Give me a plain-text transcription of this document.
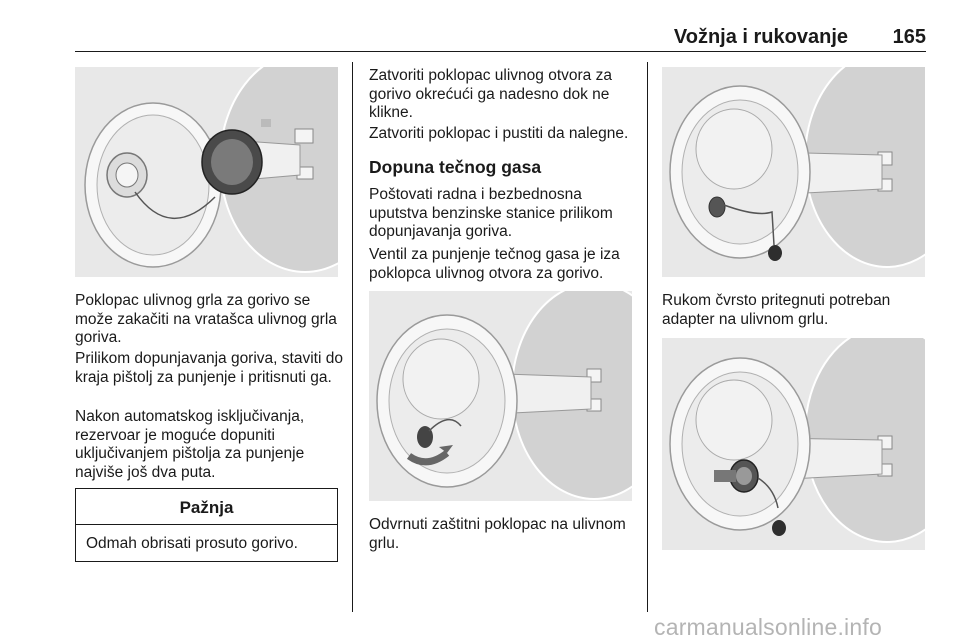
Vožnja i rukovanje 165

Poklopac ulivnog grla za gorivo se može zakačiti na vratašca ulivnog grla goriva.

Prilikom dopunjavanja goriva, staviti do kraja pištolj za punjenje i pritisnuti ga.

Nakon automatskog isključivanja, rezervoar je moguće dopuniti uključivanjem pištolja za punjenje najviše još dva puta.

Pažnja
Odmah obrisati prosuto gorivo.

Zatvoriti poklopac ulivnog otvora za gorivo okrećući ga nadesno dok ne klikne.

Zatvoriti poklopac i pustiti da nalegne.

Dopuna tečnog gasa

Poštovati radna i bezbednosna uputstva benzinske stanice prilikom dopunjavanja goriva.

Ventil za punjenje tečnog gasa je iza poklopca ulivnog otvora za gorivo.

Odvrnuti zaštitni poklopac na ulivnom grlu.

Rukom čvrsto pritegnuti potreban adapter na ulivnom grlu.

carmanualsonline.info
